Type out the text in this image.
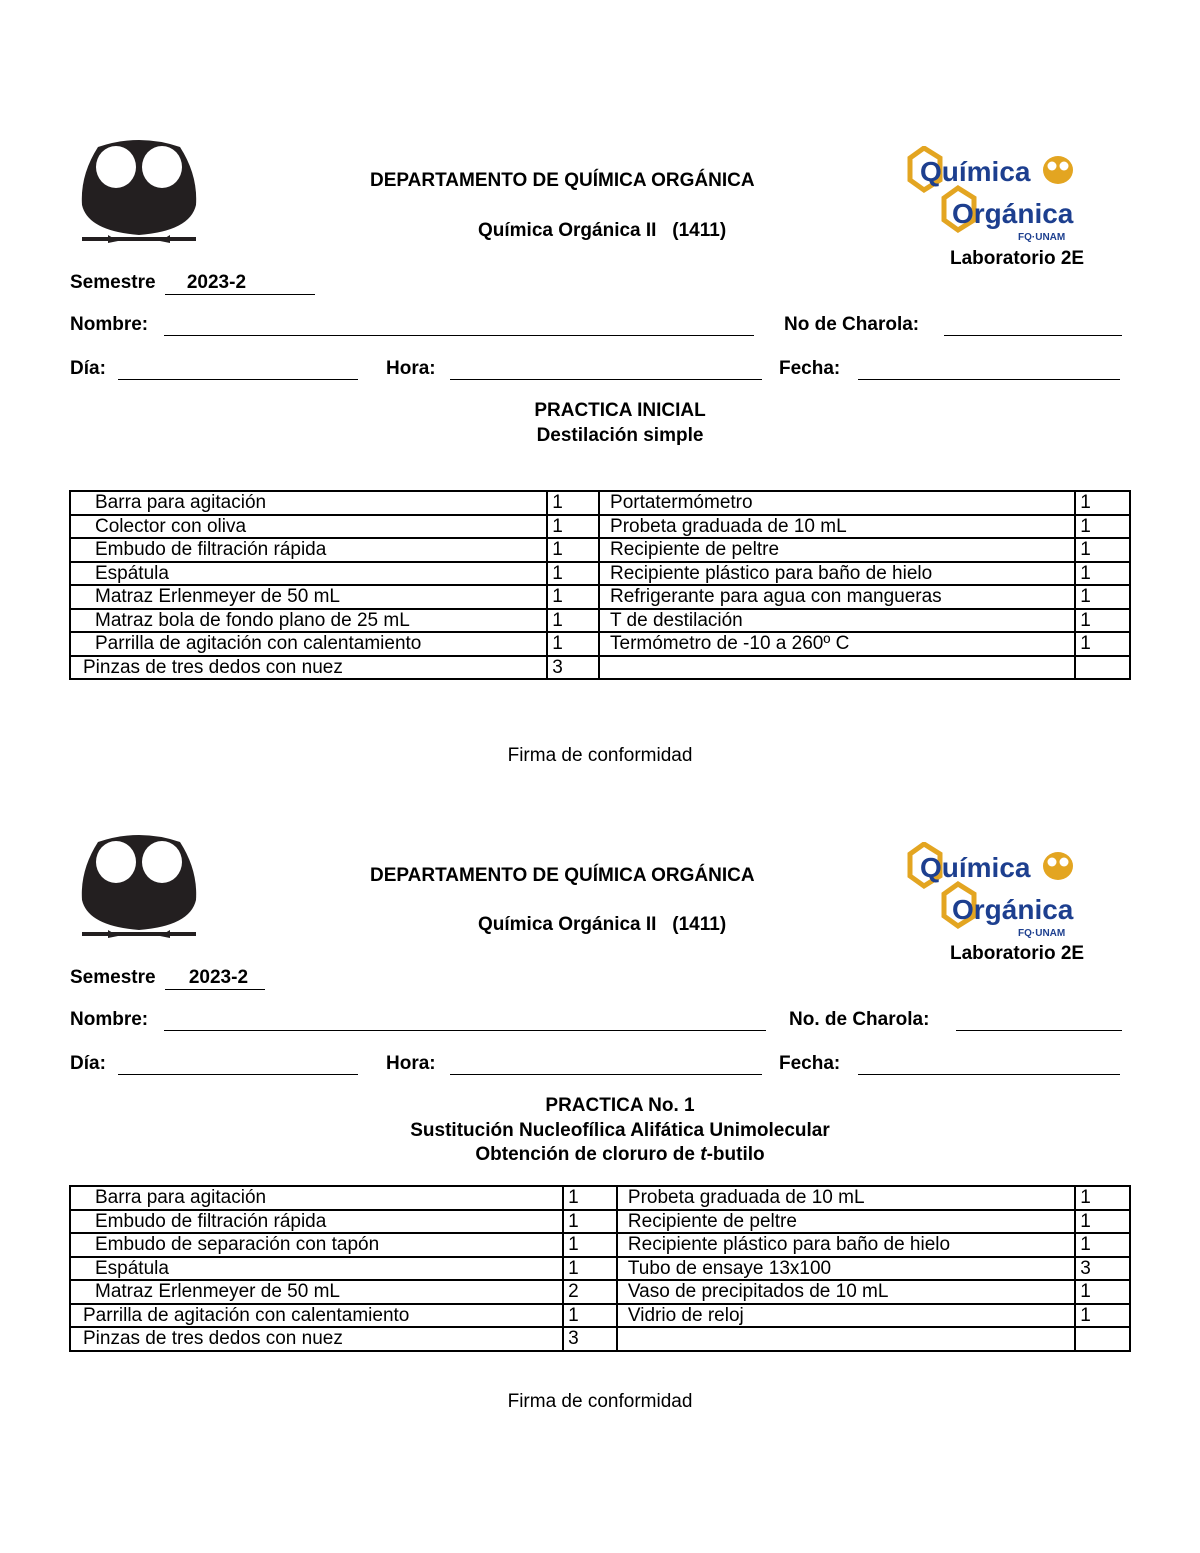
DEPARTAMENTO DE QUÍMICA ORGÁNICA
Química Orgánica II   (1411)
Química
Orgánica
FQ·UNAM
Laboratorio 2E
Semestre 2023-2
Nombre:	No de Charola:
Día:	Hora:	Fecha:
PRACTICA INICIAL
Destilación simple
Barra para agitación	1	Portatermómetro	1
Colector con oliva	1	Probeta graduada de 10 mL	1
Embudo de filtración rápida	1	Recipiente de peltre	1
Espátula	1	Recipiente plástico para baño de hielo	1
Matraz Erlenmeyer de 50 mL	1	Refrigerante para agua con mangueras	1
Matraz bola de fondo plano de 25 mL	1	T de destilación	1
Parrilla de agitación con calentamiento	1	Termómetro de -10 a 260º C	1
Pinzas de tres dedos con nuez	3		
Firma de conformidad
DEPARTAMENTO DE QUÍMICA ORGÁNICA
Química Orgánica II   (1411)
Química
Orgánica
FQ·UNAM
Laboratorio 2E
Semestre 2023-2
Nombre:	No. de Charola:
Día:	Hora:	Fecha:
PRACTICA No. 1
Sustitución Nucleofílica Alifática Unimolecular
Obtención de cloruro de t-butilo
Barra para agitación	1	Probeta graduada de 10 mL	1
Embudo de filtración rápida	1	Recipiente de peltre	1
Embudo de separación con tapón	1	Recipiente plástico para baño de hielo	1
Espátula	1	Tubo de ensaye 13x100	3
Matraz Erlenmeyer de 50 mL	2	Vaso de precipitados de 10 mL	1
Parrilla de agitación con calentamiento	1	Vidrio de reloj	1
Pinzas de tres dedos con nuez	3		
Firma de conformidad
